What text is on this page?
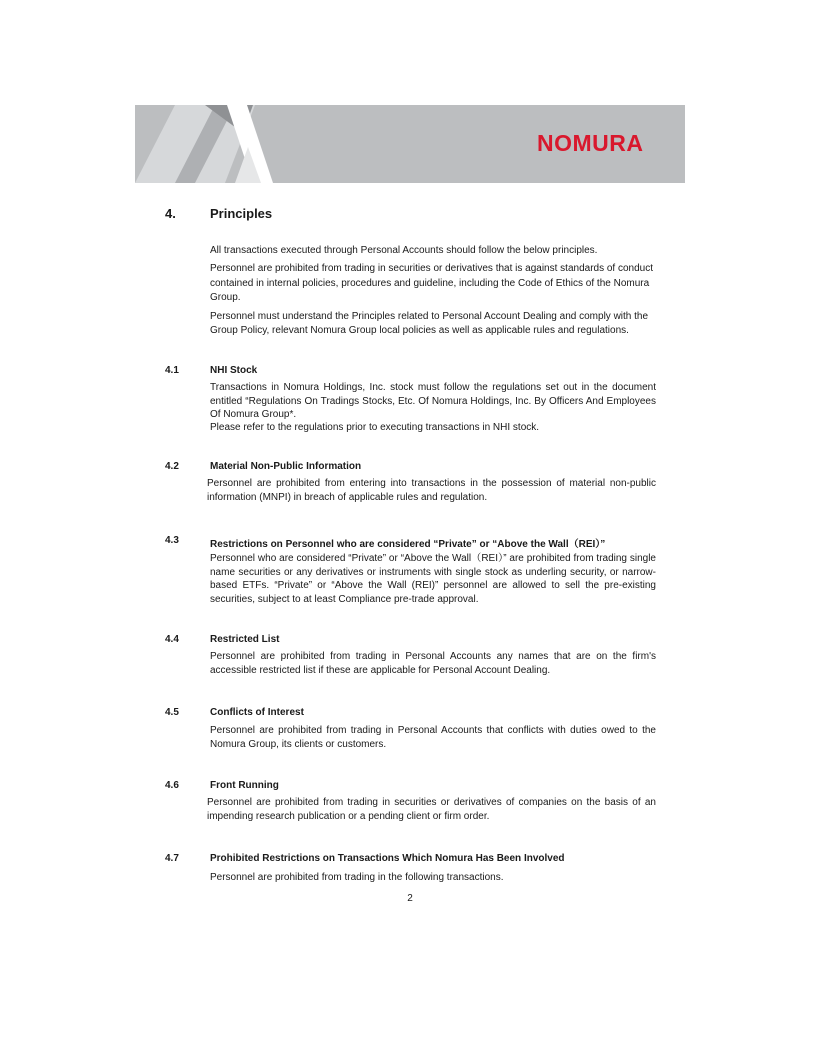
NOMURA
4.	Principles

All transactions executed through Personal Accounts should follow the below principles.

Personnel are prohibited from trading in securities or derivatives that is against standards of conduct contained in internal policies, procedures and guideline, including the Code of Ethics of the Nomura Group.

Personnel must understand the Principles related to Personal Account Dealing and comply with the Group Policy, relevant Nomura Group local policies as well as applicable rules and regulations.

4.1	NHI Stock

Transactions in Nomura Holdings, Inc. stock must follow the regulations set out in the document entitled “Regulations On Tradings Stocks, Etc. Of Nomura Holdings, Inc. By Officers And Employees Of Nomura Group*.

Please refer to the regulations prior to executing transactions in NHI stock.

4.2	Material Non-Public Information

Personnel are prohibited from entering into transactions in the possession of material non-public information (MNPI) in breach of applicable rules and regulation.

4.3	Restrictions on Personnel who are considered “Private” or “Above the Wall（REI）”

Personnel who are considered “Private” or “Above the Wall（REI）” are prohibited from trading single name securities or any derivatives or instruments with single stock as underling security, or narrow-based ETFs. “Private” or “Above the Wall (REI)” personnel are allowed to sell the pre-existing securities, subject to at least Compliance pre-trade approval.

4.4	Restricted List

Personnel are prohibited from trading in Personal Accounts any names that are on the firm's accessible restricted list if these are applicable for Personal Account Dealing.

4.5	Conflicts of Interest

Personnel are prohibited from trading in Personal Accounts that conflicts with duties owed to the Nomura Group, its clients or customers.

4.6	Front Running

Personnel are prohibited from trading in securities or derivatives of companies on the basis of an impending research publication or a pending client or firm order.

4.7	Prohibited Restrictions on Transactions Which Nomura Has Been Involved

Personnel are prohibited from trading in the following transactions.

2
